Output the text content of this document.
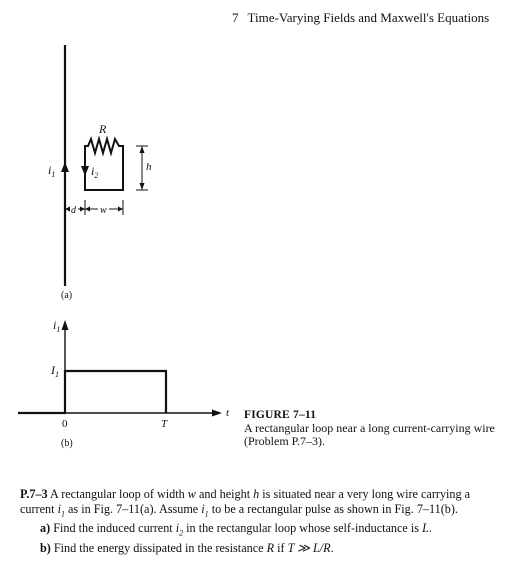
7 Time-Varying Fields and Maxwell's Equations
$i_1$
R
$i_2$
h
d w
(a)
$i_1$
t
$I_1$
0	T
(b)
FIGURE 7–11
A rectangular loop near a long current-carrying wire (Problem P.7–3).
P.7–3 A rectangular loop of width w and height h is situated near a very long wire carrying a current $i_1$ as in Fig. 7–11(a). Assume $i_1$ to be a rectangular pulse as shown in Fig. 7–11(b).
a) Find the induced current $i_2$ in the rectangular loop whose self-inductance is L.
b) Find the energy dissipated in the resistance R if T ≫ L/R.
